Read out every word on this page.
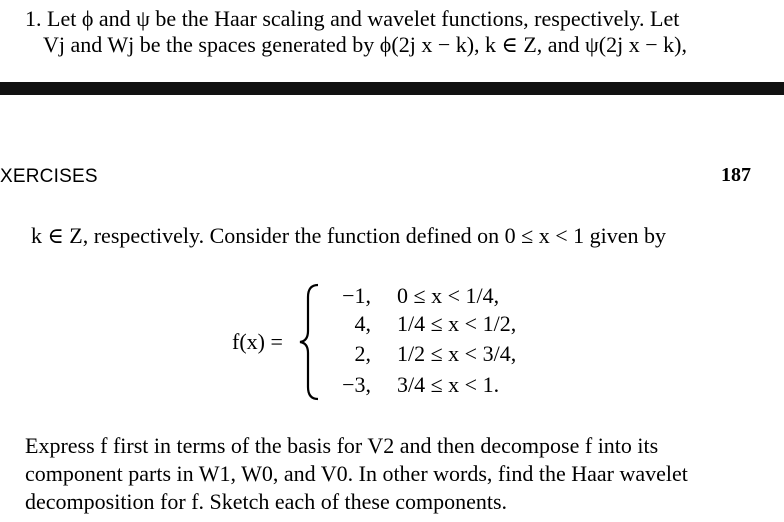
1. Let ϕ and ψ be the Haar scaling and wavelet functions, respectively. Let
Vj and Wj be the spaces generated by ϕ(2j x − k), k ∈ Z, and ψ(2j x − k),
XERCISES	187
k ∈ Z, respectively. Consider the function defined on 0 ≤ x < 1 given by
f(x) =
−1, 0 ≤ x < 1/4,
4, 1/4 ≤ x < 1/2,
2, 1/2 ≤ x < 3/4,
−3, 3/4 ≤ x < 1.
Express f first in terms of the basis for V2 and then decompose f into its
component parts in W1, W0, and V0. In other words, find the Haar wavelet
decomposition for f. Sketch each of these components.
